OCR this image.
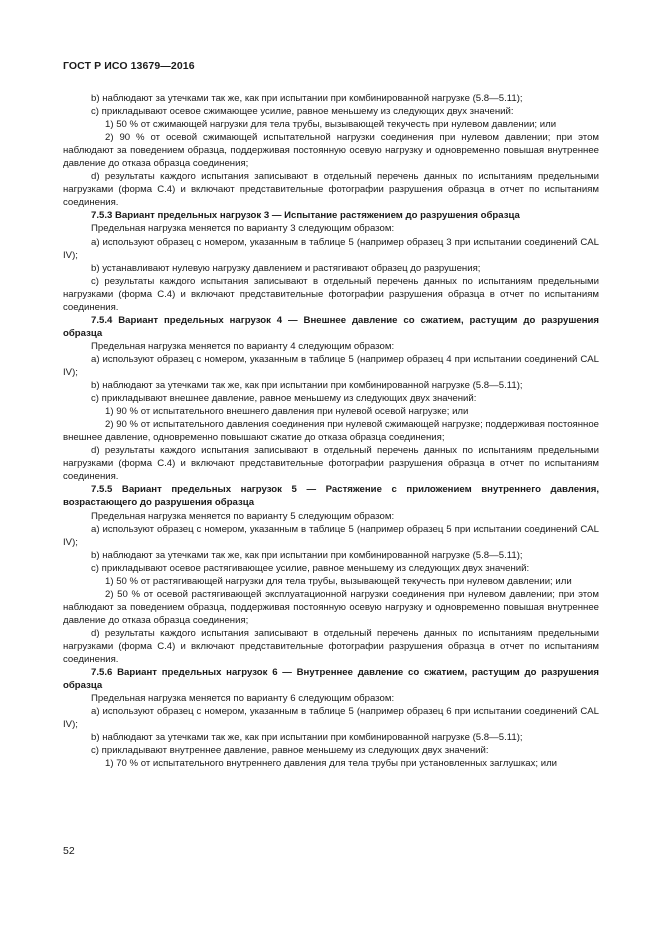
ГОСТ Р ИСО 13679—2016

b) наблюдают за утечками так же, как при испытании при комбинированной нагрузке (5.8—5.11);

c) прикладывают осевое сжимающее усилие, равное меньшему из следующих двух значений:

1) 50 % от сжимающей нагрузки для тела трубы, вызывающей текучесть при нулевом давлении; или

2) 90 % от осевой сжимающей испытательной нагрузки соединения при нулевом давлении; при этом наблюдают за поведением образца, поддерживая постоянную осевую нагрузку и одновременно повышая внутреннее давление до отказа образца соединения;

d) результаты каждого испытания записывают в отдельный перечень данных по испытаниям предельными нагрузками (форма С.4) и включают представительные фотографии разрушения образца в отчет по испытаниям соединения.

7.5.3 Вариант предельных нагрузок 3 — Испытание растяжением до разрушения образца

Предельная нагрузка меняется по варианту 3 следующим образом:

a) используют образец с номером, указанным в таблице 5 (например образец 3 при испытании соединений CAL IV);

b) устанавливают нулевую нагрузку давлением и растягивают образец до разрушения;

c) результаты каждого испытания записывают в отдельный перечень данных по испытаниям предельными нагрузками (форма С.4) и включают представительные фотографии разрушения образца в отчет по испытаниям соединения.

7.5.4 Вариант предельных нагрузок 4 — Внешнее давление со сжатием, растущим до разрушения образца

Предельная нагрузка меняется по варианту 4 следующим образом:

a) используют образец с номером, указанным в таблице 5 (например образец 4 при испытании соединений CAL IV);

b) наблюдают за утечками так же, как при испытании при комбинированной нагрузке (5.8—5.11);

c) прикладывают внешнее давление, равное меньшему из следующих двух значений:

1) 90 % от испытательного внешнего давления при нулевой осевой нагрузке; или

2) 90 % от испытательного давления соединения при нулевой сжимающей нагрузке; поддерживая постоянное внешнее давление, одновременно повышают сжатие до отказа образца соединения;

d) результаты каждого испытания записывают в отдельный перечень данных по испытаниям предельными нагрузками (форма С.4) и включают представительные фотографии разрушения образца в отчет по испытаниям соединения.

7.5.5 Вариант предельных нагрузок 5 — Растяжение с приложением внутреннего давления, возрастающего до разрушения образца

Предельная нагрузка меняется по варианту 5 следующим образом:

a) используют образец с номером, указанным в таблице 5 (например образец 5 при испытании соединений CAL IV);

b) наблюдают за утечками так же, как при испытании при комбинированной нагрузке (5.8—5.11);

c) прикладывают осевое растягивающее усилие, равное меньшему из следующих двух значений:

1) 50 % от растягивающей нагрузки для тела трубы, вызывающей текучесть при нулевом давлении; или

2) 50 % от осевой растягивающей эксплуатационной нагрузки соединения при нулевом давлении; при этом наблюдают за поведением образца, поддерживая постоянную осевую нагрузку и одновременно повышая внутреннее давление до отказа образца соединения;

d) результаты каждого испытания записывают в отдельный перечень данных по испытаниям предельными нагрузками (форма С.4) и включают представительные фотографии разрушения образца в отчет по испытаниям соединения.

7.5.6 Вариант предельных нагрузок 6 — Внутреннее давление со сжатием, растущим до разрушения образца

Предельная нагрузка меняется по варианту 6 следующим образом:

a) используют образец с номером, указанным в таблице 5 (например образец 6 при испытании соединений CAL IV);

b) наблюдают за утечками так же, как при испытании при комбинированной нагрузке (5.8—5.11);

c) прикладывают внутреннее давление, равное меньшему из следующих двух значений:

1) 70 % от испытательного внутреннего давления для тела трубы при установленных заглушках; или

52
